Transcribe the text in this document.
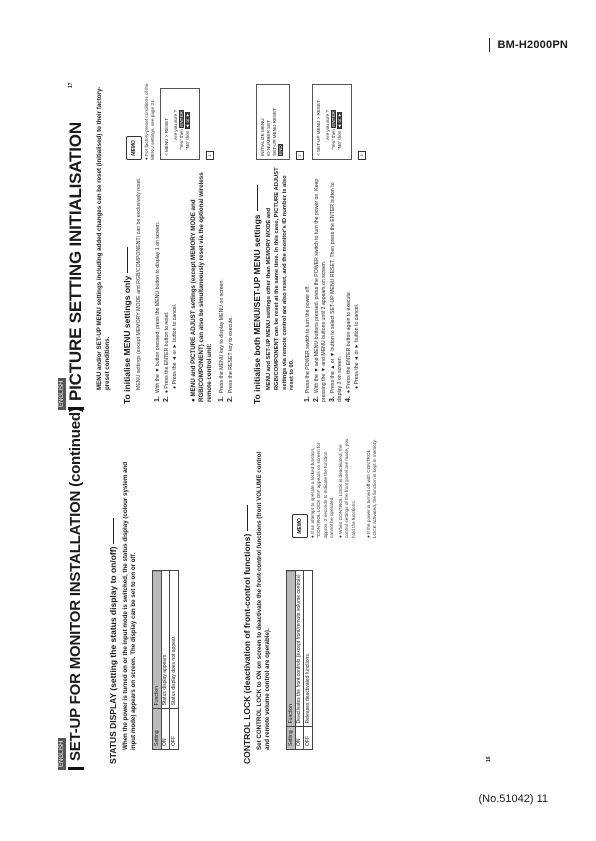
BM-H2000PN
(No.51042) 11
ENGLISH SET-UP FOR MONITOR INSTALLATION (continued)
STATUS DISPLAY (setting the status display to on/off) When the power is turned on or the input mode is switched, the status display (colour system and input mode) appears on screen. The display can be set to on or off.	Setting	Function
ON	Status display appears.
OFF	Status display does not appear.	CONTROL LOCK (deactivation of front-control functions) Set CONTROL LOCK to ON on screen to deactivate the front-control functions (front VOLUME control and remote volume control are operable).	Setting	Function
ON	Deactivates the front controls (except front/remote volume controls)
OFF	Releases deactivated functions.
MEMO	● If an attempt to operate a locked function, "CONTROL LOCK ON" appears on screen for approx. 2 seconds to indicate the function cannot be operated. ● When CONTROL LOCK is deactivated, the control settings of the front panel are made, you hold the functions. ● If the power is turned off with CONTROL LOCK activated, the function is kept in memory.
16
ENGLISH PICTURE SETTING INITIALISATION MENU and/or SET-UP MENU settings including added changes can be reset (initialised) to their factory-preset conditions. To initialise MENU settings only MENU settings (except MEMORY MODE and RGB/COMPONENT) can be exclusively reset.
1.With the ▼ button pressed, press the MENU button to display 1 on screen.
2.● Press the ENTER button to reset. ● Press the ◄ or ► button to cancel.
MEMO	● For factory-preset conditions of the MENU settings, see page 21.	< MENU > RESET Are you sure ? "Yes" then ENTER
"No" then ◄ or ►
1
● MENU and PICTURE ADJUST settings (except MEMORY MODE and RGB/COMPONENT) can also be simultaneously reset via the optional wireless remote control unit: 1.Press the MENU key to display MENU on screen.
2.Press the RESET key to execute. To initialise both MENU/SET-UP MENU settings MENU and SET-UP MENU settings other than MEMORY MODE and RGB/COMPONENT can be reset at the same time. In this case, PICTURE ADJUST settings via remote control are also reset, and the monitor's ID number is also reset to 00.
1.Press the POWER switch to turn the power off.
2.With the ▼ and MENU buttons pressed, press the POWER switch to turn the power on. Keep pressing the ▼ and MENU buttons until 2 appears on screen. 3.Press the ▲ or ▼ button to select SET-UP MENU RESET. Then press the ENTER button to display 3 on screen. 4.● Press the ENTER button again to execute. ● Press the ◄ or ► button to cancel.
INITIALIZE MENU ID NUMBER SET SET-UP MENU RESET END
2	< SET-UP MENU > RESET Are you sure ? "Yes" then ENTER
"No" then ◄ or ►
3
17
